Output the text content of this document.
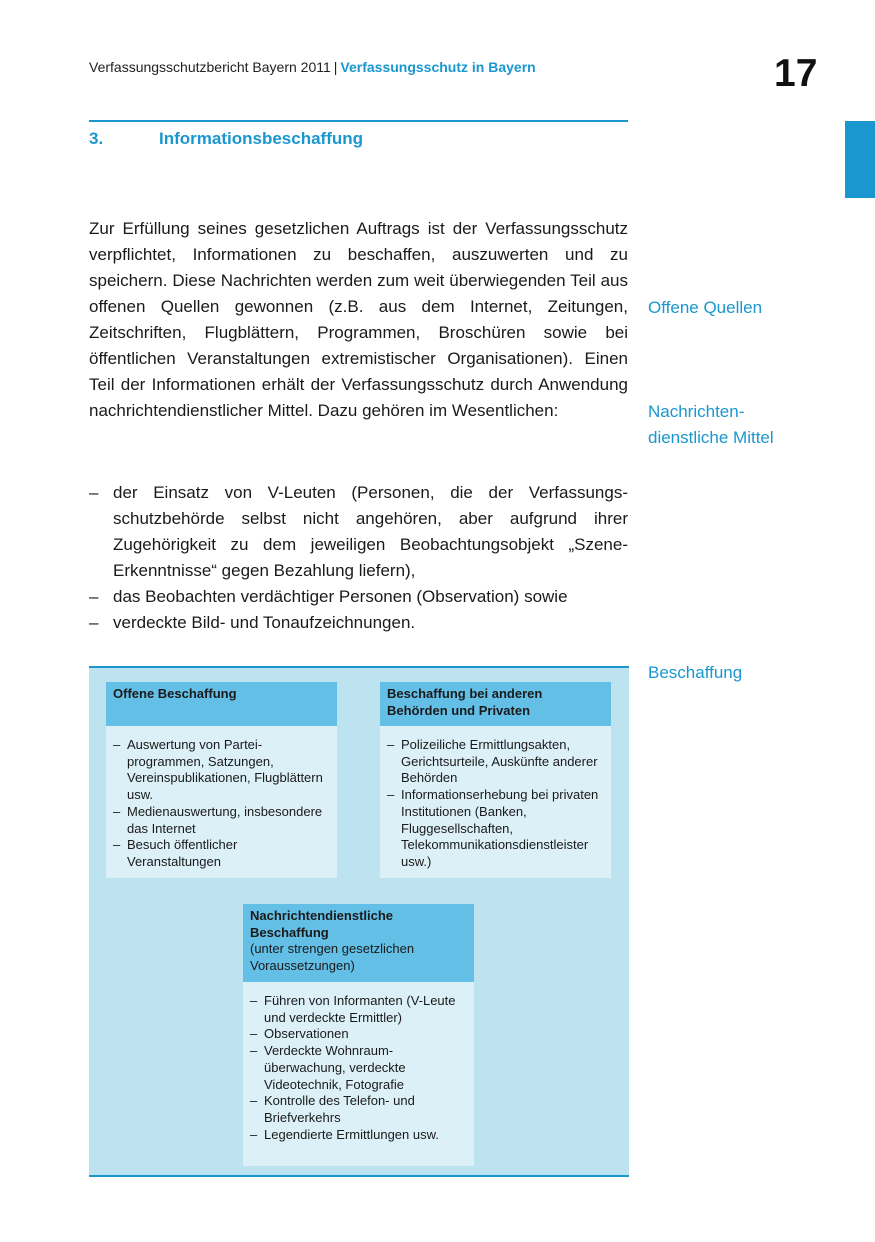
Verfassungsschutzbericht Bayern 2011 | Verfassungsschutz in Bayern	17
3.	Informationsbeschaffung

Zur Erfüllung seines gesetzlichen Auftrags ist der Verfassungsschutz verpflichtet, Informationen zu beschaffen, auszuwerten und zu speichern. Diese Nachrichten werden zum weit überwiegenden Teil aus offenen Quellen gewonnen (z.B. aus dem Internet, Zeitungen, Zeitschriften, Flugblättern, Programmen, Broschüren sowie bei öffentlichen Veranstaltungen extremistischer Organisationen). Einen Teil der Informationen erhält der Verfassungsschutz durch Anwendung nachrichtendienstlicher Mittel. Dazu gehören im Wesentlichen:

– der Einsatz von V-Leuten (Personen, die der Verfassungsschutzbehörde selbst nicht angehören, aber aufgrund ihrer Zugehörigkeit zu dem jeweiligen Beobachtungsobjekt „Szene-Erkenntnisse“ gegen Bezahlung liefern),
– das Beobachten verdächtiger Personen (Observation) sowie
– verdeckte Bild- und Tonaufzeichnungen.
Offene Quellen
Nachrichten-
dienstliche Mittel
Beschaffung
Offene Beschaffung
– Auswertung von Parteiprogrammen, Satzungen, Vereinspublikationen, Flugblättern usw.
– Medienauswertung, insbesondere das Internet
– Besuch öffentlicher Veranstaltungen
Beschaffung bei anderen Behörden und Privaten
– Polizeiliche Ermittlungsakten, Gerichtsurteile, Auskünfte anderer Behörden
– Informationserhebung bei privaten Institutionen (Banken, Fluggesellschaften, Telekommunikationsdienstleister usw.)
Nachrichtendienstliche Beschaffung
(unter strengen gesetzlichen Voraussetzungen)
– Führen von Informanten (V-Leute und verdeckte Ermittler)
– Observationen
– Verdeckte Wohnraumüberwachung, verdeckte Videotechnik, Fotografie
– Kontrolle des Telefon- und Briefverkehrs
– Legendierte Ermittlungen usw.
